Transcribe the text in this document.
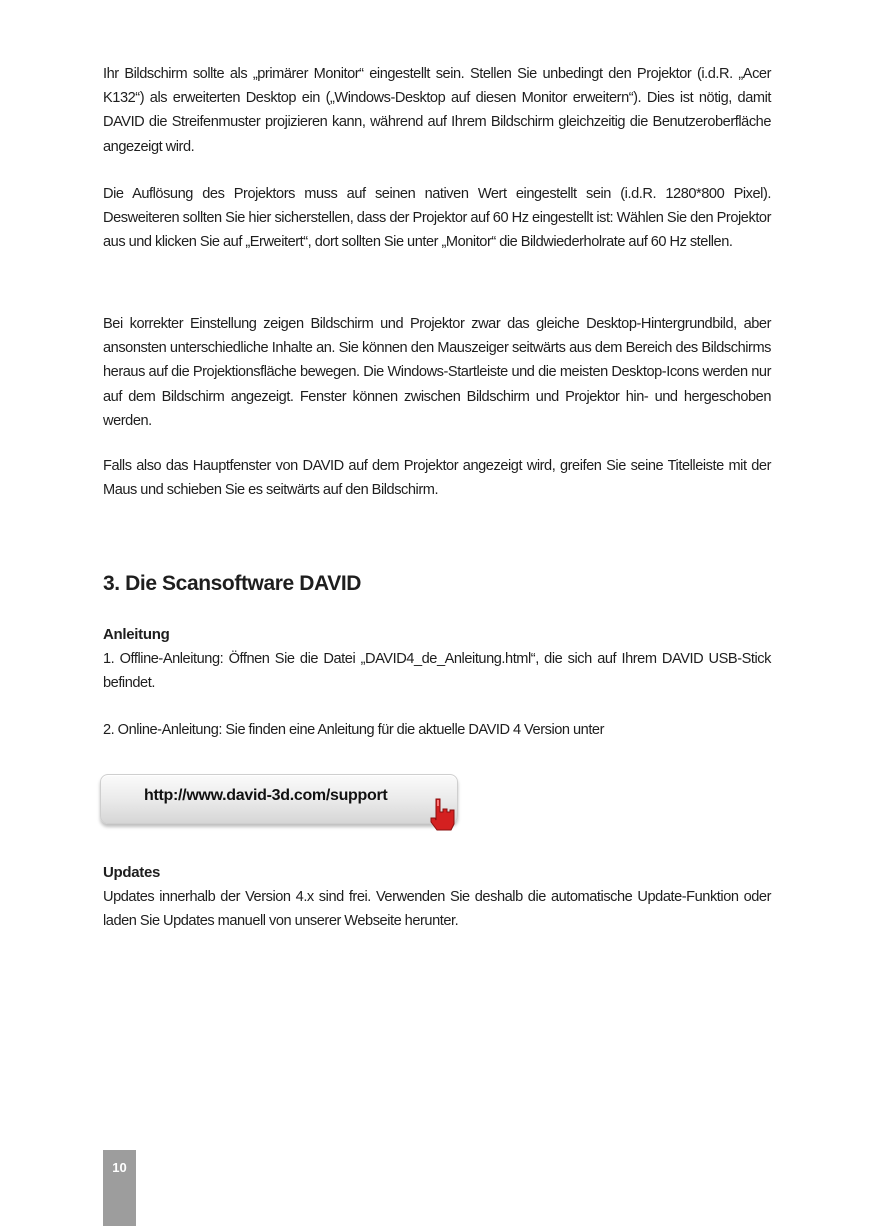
Ihr Bildschirm sollte als „primärer Monitor“ eingestellt sein. Stellen Sie unbedingt den Projektor (i.d.R. „Acer K132“) als erweiterten Desktop ein („Windows-Desktop auf diesen Monitor erweitern“). Dies ist nötig, damit DAVID die Streifenmuster projizieren kann, während auf Ihrem Bildschirm gleichzeitig die Benutzeroberfläche angezeigt wird.

Die Auflösung des Projektors muss auf seinen nativen Wert eingestellt sein (i.d.R. 1280*800 Pixel). Desweiteren sollten Sie hier sicherstellen, dass der Projektor auf 60 Hz eingestellt ist: Wählen Sie den Projektor aus und klicken Sie auf „Erweitert“, dort sollten Sie unter „Monitor“ die Bildwiederholrate auf 60 Hz stellen.

Bei korrekter Einstellung zeigen Bildschirm und Projektor zwar das gleiche Desktop-Hintergrundbild, aber ansonsten unterschiedliche Inhalte an. Sie können den Mauszeiger seitwärts aus dem Bereich des Bildschirms heraus auf die Projektionsfläche bewegen. Die Windows-Startleiste und die meisten Desktop-Icons werden nur auf dem Bildschirm angezeigt. Fenster können zwischen Bildschirm und Projektor hin- und hergeschoben werden.

Falls also das Hauptfenster von DAVID auf dem Projektor angezeigt wird, greifen Sie seine Titelleiste mit der Maus und schieben Sie es seitwärts auf den Bildschirm.

3. Die Scansoftware DAVID
Anleitung

1. Offline-Anleitung: Öffnen Sie die Datei „DAVID4_de_Anleitung.html“, die sich auf Ihrem DAVID USB-Stick befindet.

2. Online-Anleitung: Sie finden eine Anleitung für die aktuelle DAVID 4 Version unter

http://www.david-3d.com/support
Updates

Updates innerhalb der Version 4.x sind frei. Verwenden Sie deshalb die automatische Update-Funktion oder laden Sie Updates manuell von unserer Webseite herunter.

10
